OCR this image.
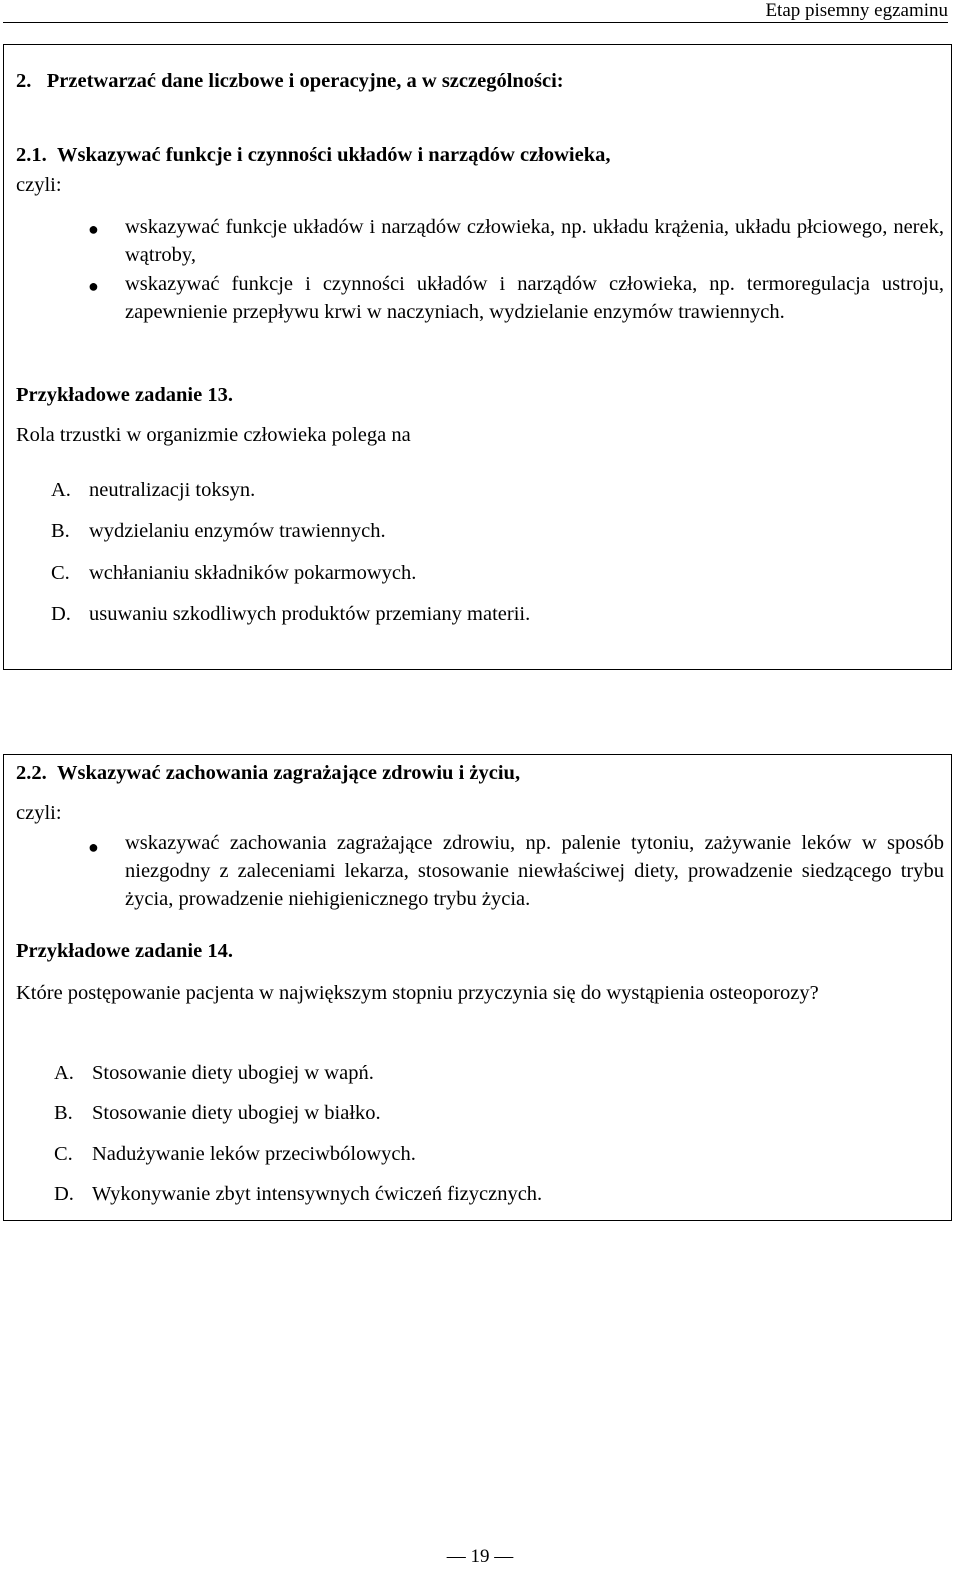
Etap pisemny egzaminu
2.   Przetwarzać dane liczbowe i operacyjne, a w szczególności:
2.1.  Wskazywać funkcje i czynności układów i narządów człowieka,
czyli:
● wskazywać funkcje układów i narządów człowieka, np. układu krążenia, układu płciowego, nerek, wątroby,
● wskazywać funkcje i czynności układów i narządów człowieka, np. termoregulacja ustroju, zapewnienie przepływu krwi w naczyniach, wydzielanie enzymów trawiennych.
Przykładowe zadanie 13.
Rola trzustki w organizmie człowieka polega na
A. neutralizacji toksyn.
B. wydzielaniu enzymów trawiennych.
C. wchłanianiu składników pokarmowych.
D. usuwaniu szkodliwych produktów przemiany materii.
2.2.  Wskazywać zachowania zagrażające zdrowiu i życiu,
czyli:
● wskazywać zachowania zagrażające zdrowiu, np. palenie tytoniu, zażywanie leków w sposób niezgodny z zaleceniami lekarza, stosowanie niewłaściwej diety, prowadzenie siedzącego trybu życia, prowadzenie niehigienicznego trybu życia.
Przykładowe zadanie 14.
Które postępowanie pacjenta w największym stopniu przyczynia się do wystąpienia osteoporozy?
A. Stosowanie diety ubogiej w wapń.
B. Stosowanie diety ubogiej w białko.
C. Nadużywanie leków przeciwbólowych.
D. Wykonywanie zbyt intensywnych ćwiczeń fizycznych.
— 19 —
